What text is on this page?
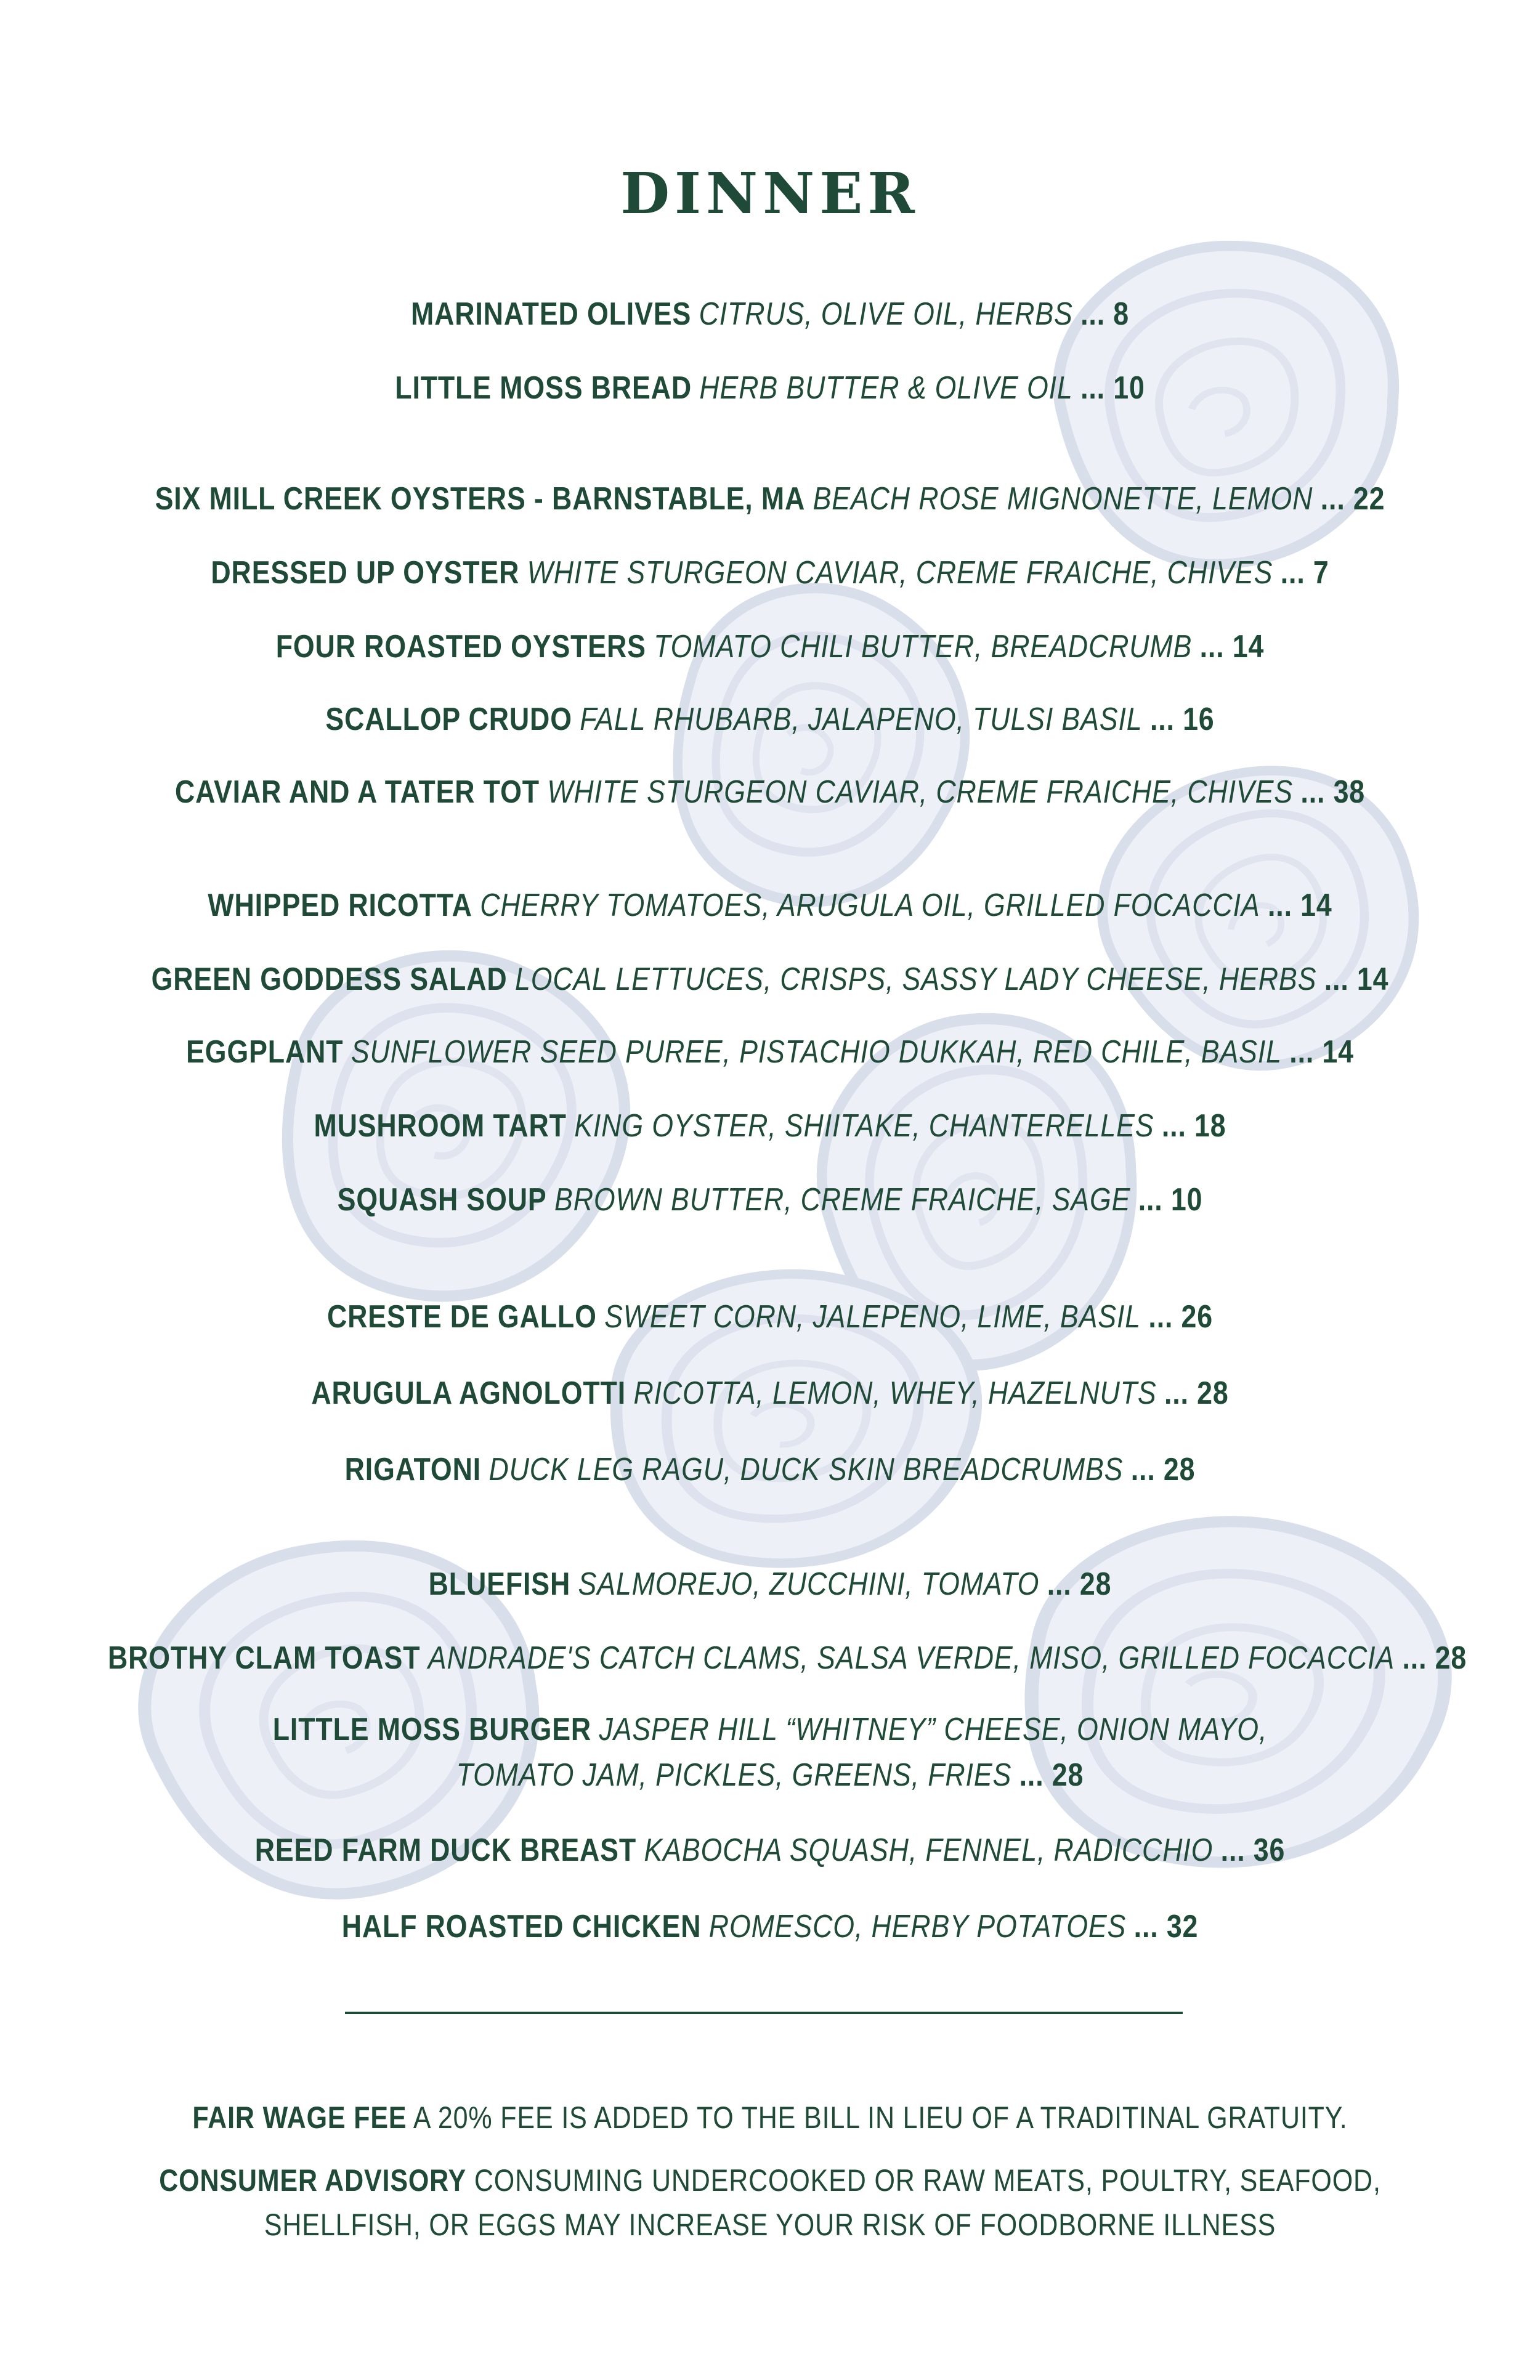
DINNER
MARINATED OLIVES CITRUS, OLIVE OIL, HERBS ... 8
LITTLE MOSS BREAD HERB BUTTER & OLIVE OIL ... 10
SIX MILL CREEK OYSTERS - BARNSTABLE, MA BEACH ROSE MIGNONETTE, LEMON ... 22
DRESSED UP OYSTER WHITE STURGEON CAVIAR, CREME FRAICHE, CHIVES ... 7
FOUR ROASTED OYSTERS TOMATO CHILI BUTTER, BREADCRUMB ... 14
SCALLOP CRUDO FALL RHUBARB, JALAPENO, TULSI BASIL ... 16
CAVIAR AND A TATER TOT WHITE STURGEON CAVIAR, CREME FRAICHE, CHIVES ... 38
WHIPPED RICOTTA CHERRY TOMATOES, ARUGULA OIL, GRILLED FOCACCIA ... 14
GREEN GODDESS SALAD LOCAL LETTUCES, CRISPS, SASSY LADY CHEESE, HERBS ... 14
EGGPLANT SUNFLOWER SEED PUREE, PISTACHIO DUKKAH, RED CHILE, BASIL ... 14
MUSHROOM TART KING OYSTER, SHIITAKE, CHANTERELLES ... 18
SQUASH SOUP BROWN BUTTER, CREME FRAICHE, SAGE ... 10
CRESTE DE GALLO SWEET CORN, JALEPENO, LIME, BASIL ... 26
ARUGULA AGNOLOTTI RICOTTA, LEMON, WHEY, HAZELNUTS ... 28
RIGATONI DUCK LEG RAGU, DUCK SKIN BREADCRUMBS ... 28
BLUEFISH SALMOREJO, ZUCCHINI, TOMATO ... 28
BROTHY CLAM TOAST ANDRADE'S CATCH CLAMS, SALSA VERDE, MISO, GRILLED FOCACCIA ... 28
LITTLE MOSS BURGER JASPER HILL “WHITNEY” CHEESE, ONION MAYO,
TOMATO JAM, PICKLES, GREENS, FRIES ... 28
REED FARM DUCK BREAST KABOCHA SQUASH, FENNEL, RADICCHIO ... 36
HALF ROASTED CHICKEN ROMESCO, HERBY POTATOES ... 32
FAIR WAGE FEE A 20% FEE IS ADDED TO THE BILL IN LIEU OF A TRADITINAL GRATUITY.
CONSUMER ADVISORY CONSUMING UNDERCOOKED OR RAW MEATS, POULTRY, SEAFOOD,
SHELLFISH, OR EGGS MAY INCREASE YOUR RISK OF FOODBORNE ILLNESS
